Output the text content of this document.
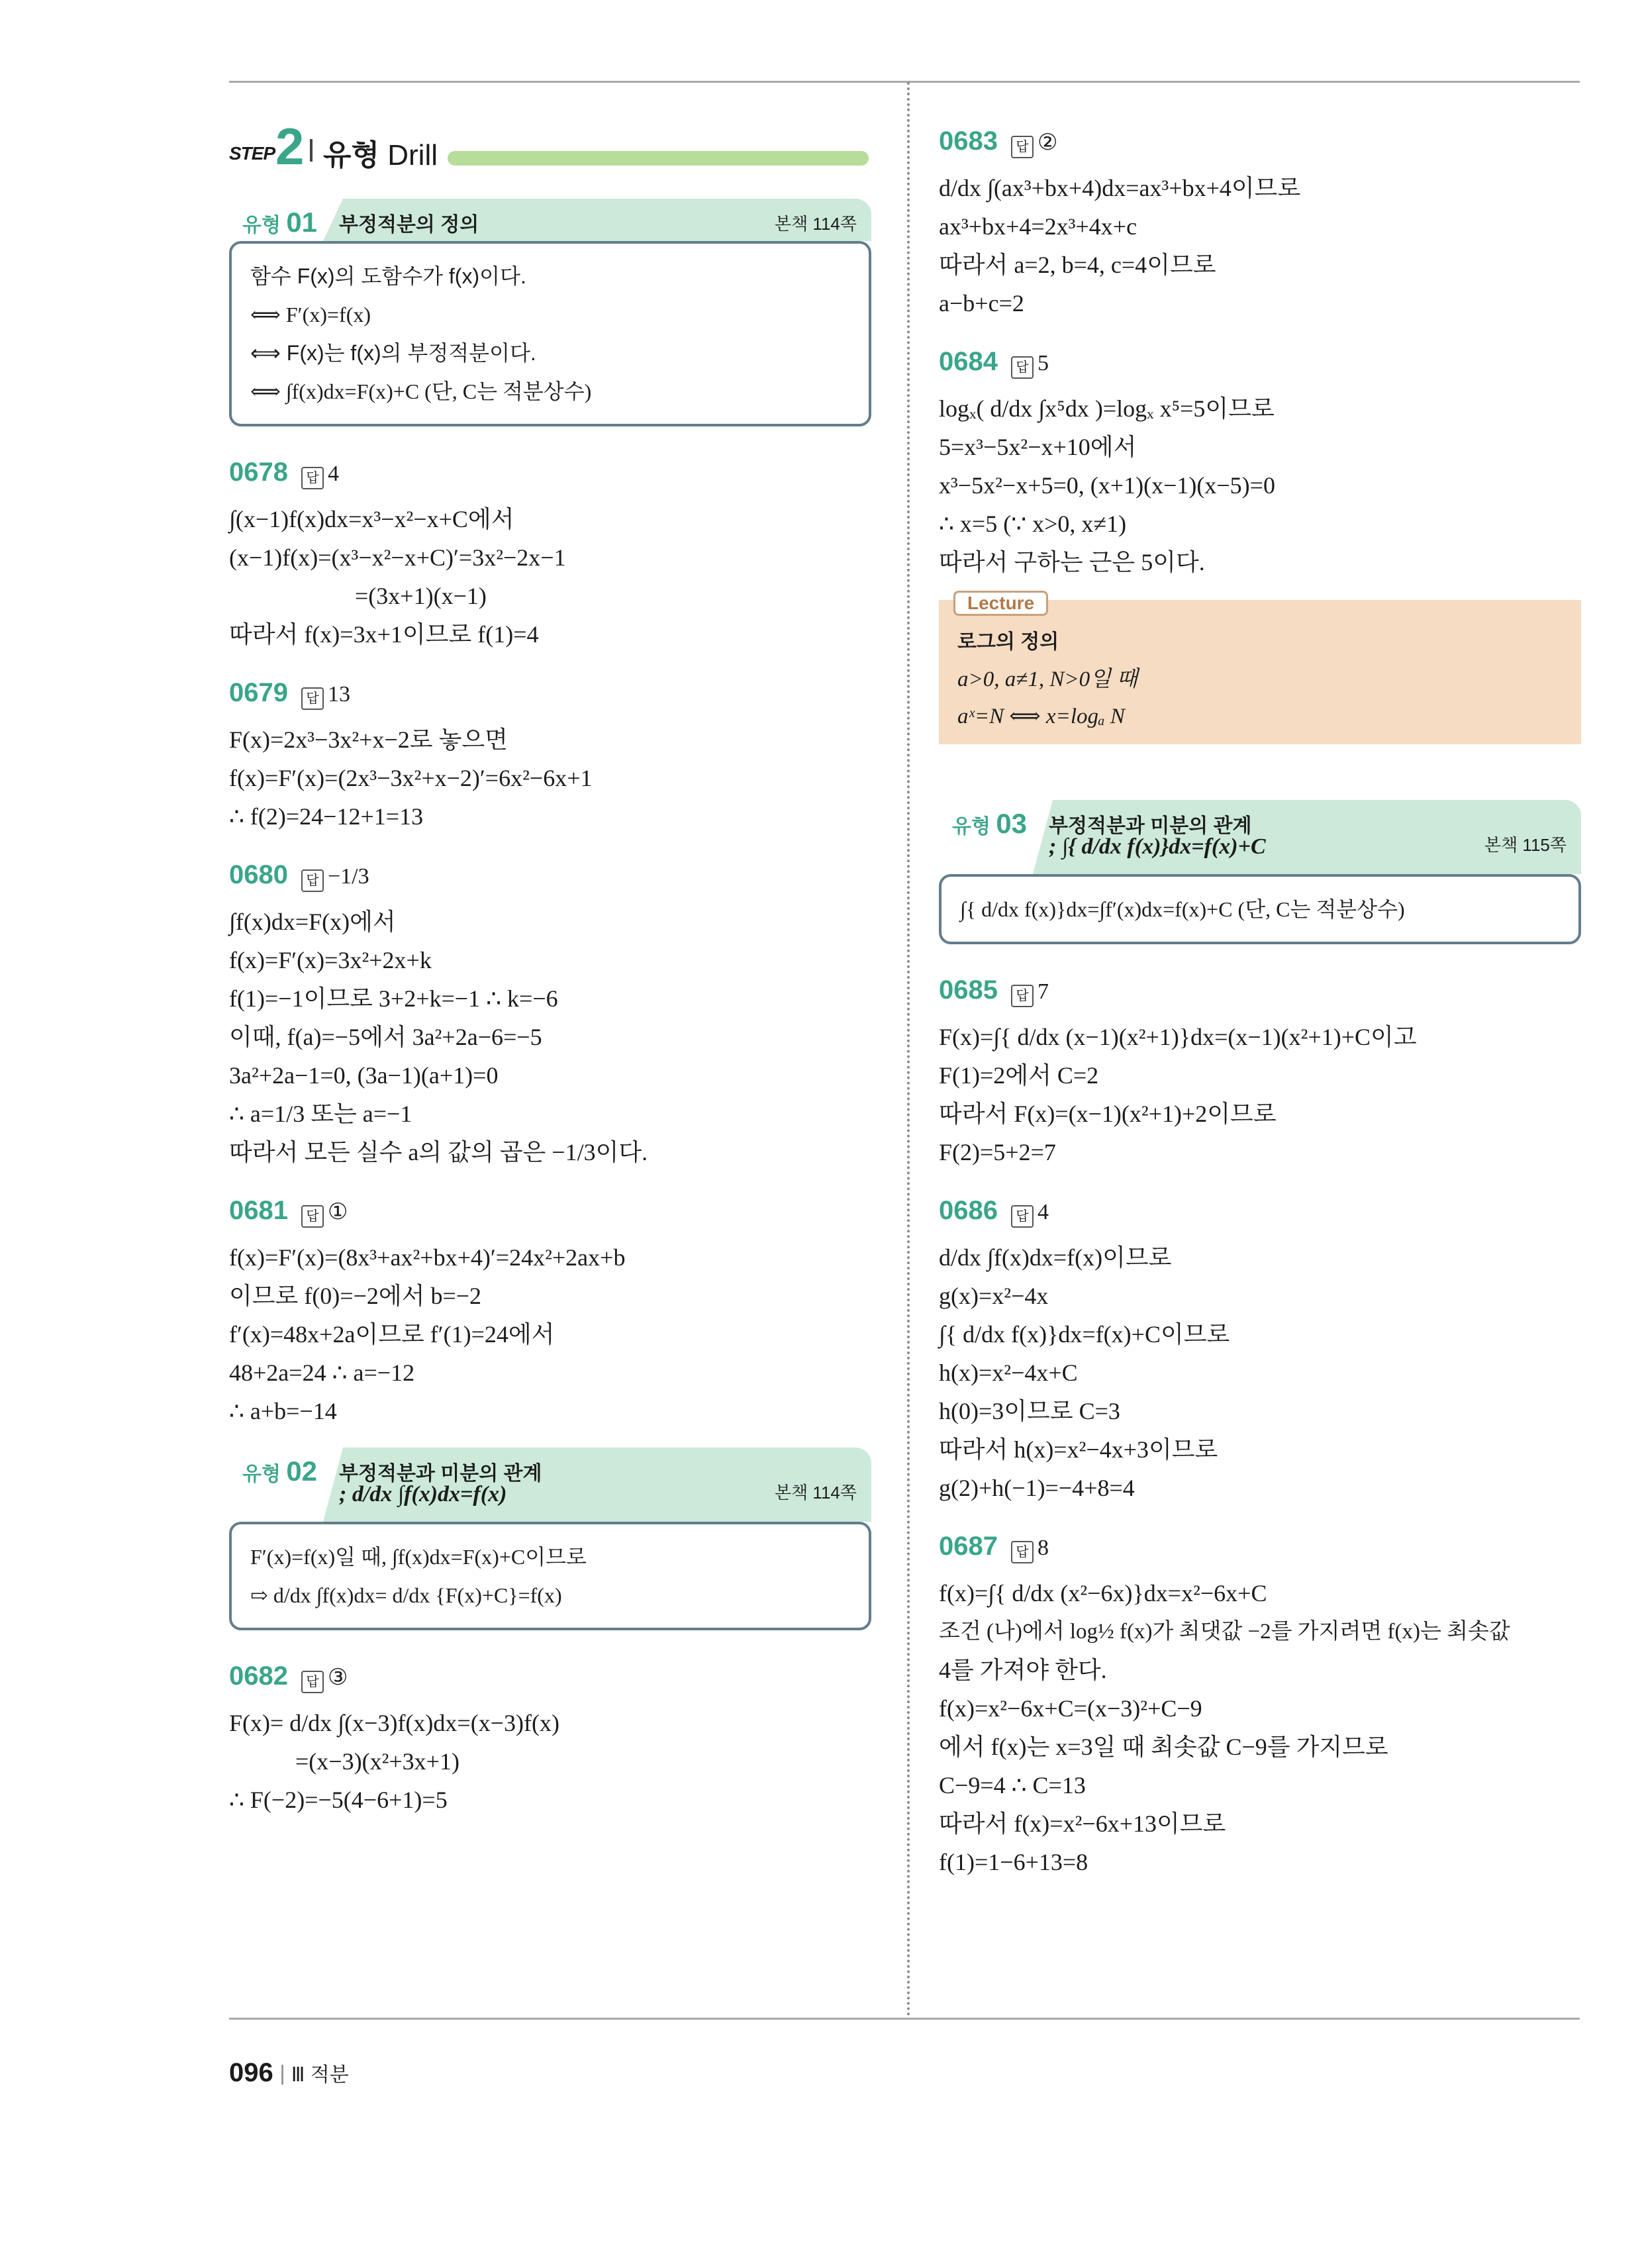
STEP 2 유형 Drill
유형 01 부정적분의 정의	본책 114쪽
함수 F(x)의 도함수가 f(x)이다.
⟺ F′(x)=f(x)
⟺ F(x)는 f(x)의 부정적분이다.
⟺ ∫f(x)dx=F(x)+C (단, C는 적분상수)
0678 답 4
∫(x−1)f(x)dx=x³−x²−x+C에서
(x−1)f(x)=(x³−x²−x+C)′=3x²−2x−1
=(3x+1)(x−1)
따라서 f(x)=3x+1이므로 f(1)=4
0679 답 13
F(x)=2x³−3x²+x−2로 놓으면
f(x)=F′(x)=(2x³−3x²+x−2)′=6x²−6x+1
∴ f(2)=24−12+1=13
0680 답 −1/3
∫f(x)dx=F(x)에서
f(x)=F′(x)=3x²+2x+k
f(1)=−1이므로 3+2+k=−1 ∴ k=−6
이때, f(a)=−5에서 3a²+2a−6=−5
3a²+2a−1=0, (3a−1)(a+1)=0
∴ a=1/3 또는 a=−1
따라서 모든 실수 a의 값의 곱은 −1/3이다.
0681 답 ①
f(x)=F′(x)=(8x³+ax²+bx+4)′=24x²+2ax+b
이므로 f(0)=−2에서 b=−2
f′(x)=48x+2a이므로 f′(1)=24에서
48+2a=24 ∴ a=−12
∴ a+b=−14
유형 02 부정적분과 미분의 관계
; d/dx ∫f(x)dx=f(x)	본책 114쪽
F′(x)=f(x)일 때, ∫f(x)dx=F(x)+C이므로
⇨ d/dx ∫f(x)dx= d/dx {F(x)+C}=f(x)
0682 답 ③
F(x)= d/dx ∫(x−3)f(x)dx=(x−3)f(x)
=(x−3)(x²+3x+1)
∴ F(−2)=−5(4−6+1)=5
0683 답 ②
d/dx ∫(ax³+bx+4)dx=ax³+bx+4이므로
ax³+bx+4=2x³+4x+c
따라서 a=2, b=4, c=4이므로
a−b+c=2
0684 답 5
logₓ( d/dx ∫x⁵dx )=logₓ x⁵=5이므로
5=x³−5x²−x+10에서
x³−5x²−x+5=0, (x+1)(x−1)(x−5)=0
∴ x=5 (∵ x>0, x≠1)
따라서 구하는 근은 5이다.
Lecture
로그의 정의
a>0, a≠1, N>0일 때
aˣ=N ⟺ x=logₐ N
유형 03 부정적분과 미분의 관계
; ∫{ d/dx f(x)}dx=f(x)+C	본책 115쪽
∫{ d/dx f(x)}dx=∫f′(x)dx=f(x)+C (단, C는 적분상수)
0685 답 7
F(x)=∫{ d/dx (x−1)(x²+1)}dx=(x−1)(x²+1)+C이고
F(1)=2에서 C=2
따라서 F(x)=(x−1)(x²+1)+2이므로
F(2)=5+2=7
0686 답 4
d/dx ∫f(x)dx=f(x)이므로
g(x)=x²−4x
∫{ d/dx f(x)}dx=f(x)+C이므로
h(x)=x²−4x+C
h(0)=3이므로 C=3
따라서 h(x)=x²−4x+3이므로
g(2)+h(−1)=−4+8=4
0687 답 8
f(x)=∫{ d/dx (x²−6x)}dx=x²−6x+C
조건 (나)에서 log½ f(x)가 최댓값 −2를 가지려면 f(x)는 최솟값
4를 가져야 한다.
f(x)=x²−6x+C=(x−3)²+C−9
에서 f(x)는 x=3일 때 최솟값 C−9를 가지므로
C−9=4 ∴ C=13
따라서 f(x)=x²−6x+13이므로
f(1)=1−6+13=8
096 Ⅲ 적분
